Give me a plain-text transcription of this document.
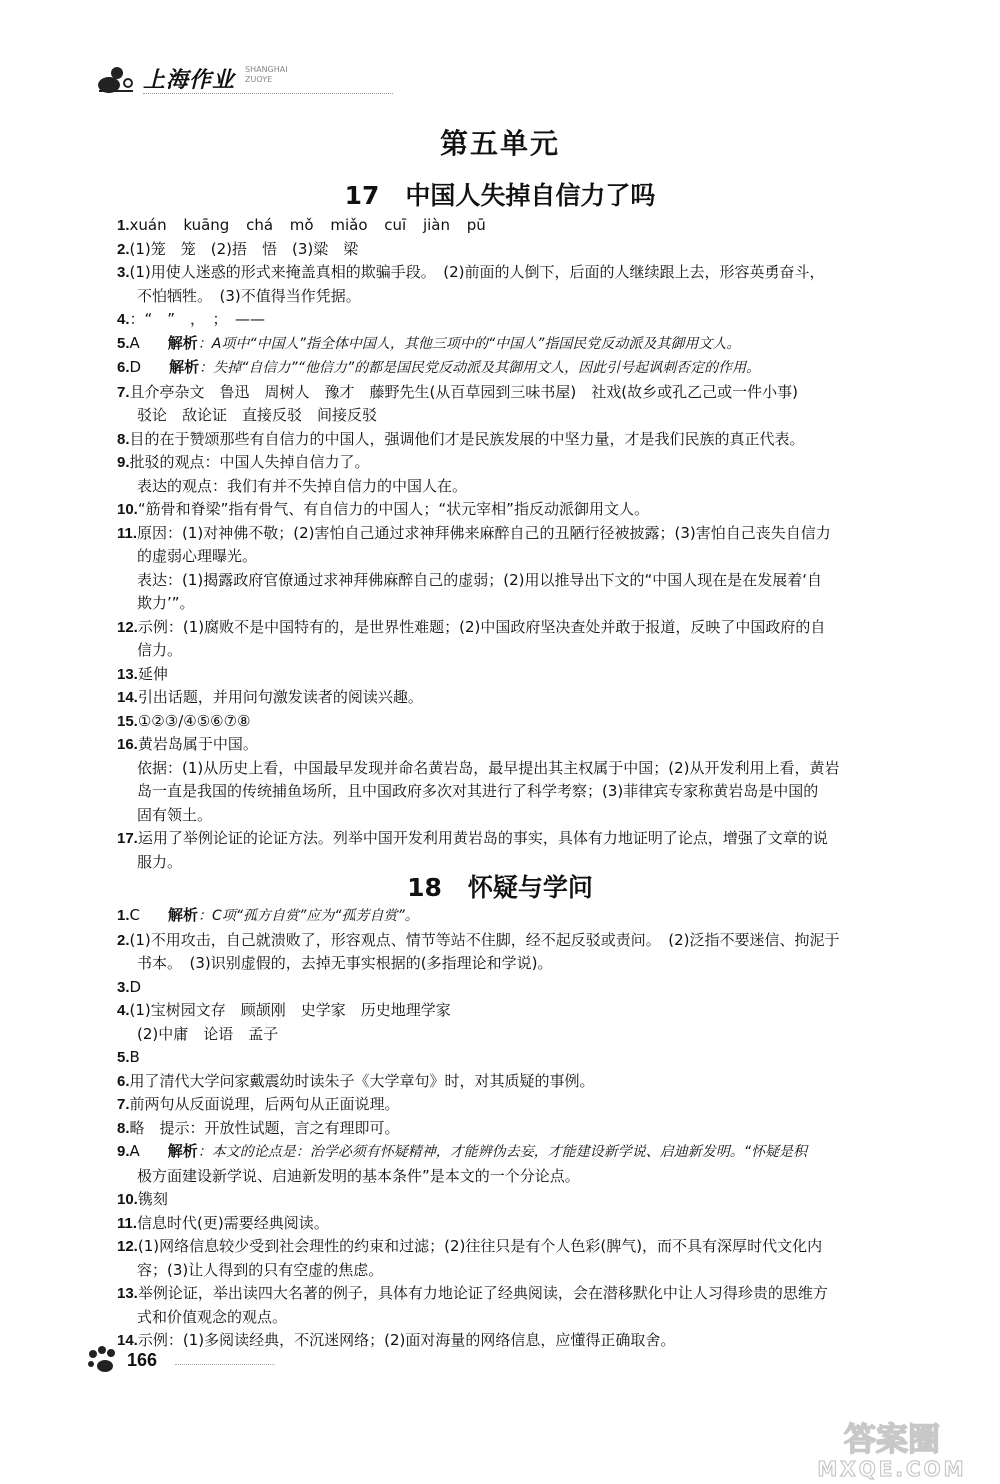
上海作业 SHANGHAI
ZUOYE
第五单元
17 中国人失掉自信力了吗

1.xuán kuāng chá mǒ miǎo cuī jiàn pū

2.(1)笼　笼　(2)捂　悟　(3)粱　梁

3.(1)用使人迷惑的形式来掩盖真相的欺骗手段。　(2)前面的人倒下，后面的人继续跟上去，形容英勇奋斗，

不怕牺牲。　(3)不值得当作凭据。

4.：“　”　，　；　——

5.A 解析：A项中“中国人”指全体中国人，其他三项中的“中国人”指国民党反动派及其御用文人。

6.D 解析：失掉“自信力”“他信力”的都是国民党反动派及其御用文人，因此引号起讽刺否定的作用。

7.且介亭杂文　鲁迅　周树人　豫才　藤野先生(从百草园到三味书屋)　社戏(故乡或孔乙己或一件小事)

驳论　敌论证　直接反驳　间接反驳

8.目的在于赞颂那些有自信力的中国人，强调他们才是民族发展的中坚力量，才是我们民族的真正代表。

9.批驳的观点：中国人失掉自信力了。

表达的观点：我们有并不失掉自信力的中国人在。

10.“筋骨和脊梁”指有骨气、有自信力的中国人；“状元宰相”指反动派御用文人。

11.原因：(1)对神佛不敬；(2)害怕自己通过求神拜佛来麻醉自己的丑陋行径被披露；(3)害怕自己丧失自信力

的虚弱心理曝光。

表达：(1)揭露政府官僚通过求神拜佛麻醉自己的虚弱；(2)用以推导出下文的“中国人现在是在发展着‘自

欺力’”。

12.示例：(1)腐败不是中国特有的，是世界性难题；(2)中国政府坚决查处并敢于报道，反映了中国政府的自

信力。

13.延伸

14.引出话题，并用问句激发读者的阅读兴趣。

15.①②③/④⑤⑥⑦⑧

16.黄岩岛属于中国。

依据：(1)从历史上看，中国最早发现并命名黄岩岛，最早提出其主权属于中国；(2)从开发利用上看，黄岩

岛一直是我国的传统捕鱼场所，且中国政府多次对其进行了科学考察；(3)菲律宾专家称黄岩岛是中国的

固有领土。

17.运用了举例论证的论证方法。列举中国开发利用黄岩岛的事实，具体有力地证明了论点，增强了文章的说

服力。

18 怀疑与学问

1.C 解析：C项“孤方自赏”应为“孤芳自赏”。

2.(1)不用攻击，自己就溃败了，形容观点、情节等站不住脚，经不起反驳或责问。　(2)泛指不要迷信、拘泥于

书本。　(3)识别虚假的，去掉无事实根据的(多指理论和学说)。

3.D

4.(1)宝树园文存　顾颉刚　史学家　历史地理学家

(2)中庸　论语　孟子

5.B

6.用了清代大学问家戴震幼时读朱子《大学章句》时，对其质疑的事例。

7.前两句从反面说理，后两句从正面说理。

8.略　提示：开放性试题，言之有理即可。

9.A 解析：本文的论点是：治学必须有怀疑精神，才能辨伪去妄，才能建设新学说、启迪新发明。“怀疑是积

极方面建设新学说、启迪新发明的基本条件”是本文的一个分论点。

10.镌刻

11.信息时代(更)需要经典阅读。

12.(1)网络信息较少受到社会理性的约束和过滤；(2)往往只是有个人色彩(脾气)，而不具有深厚时代文化内

容；(3)让人得到的只有空虚的焦虑。

13.举例论证，举出读四大名著的例子，具体有力地论证了经典阅读，会在潜移默化中让人习得珍贵的思维方

式和价值观念的观点。

14.示例：(1)多阅读经典，不沉迷网络；(2)面对海量的网络信息，应懂得正确取舍。

166
答案圈
MXQE.COM
